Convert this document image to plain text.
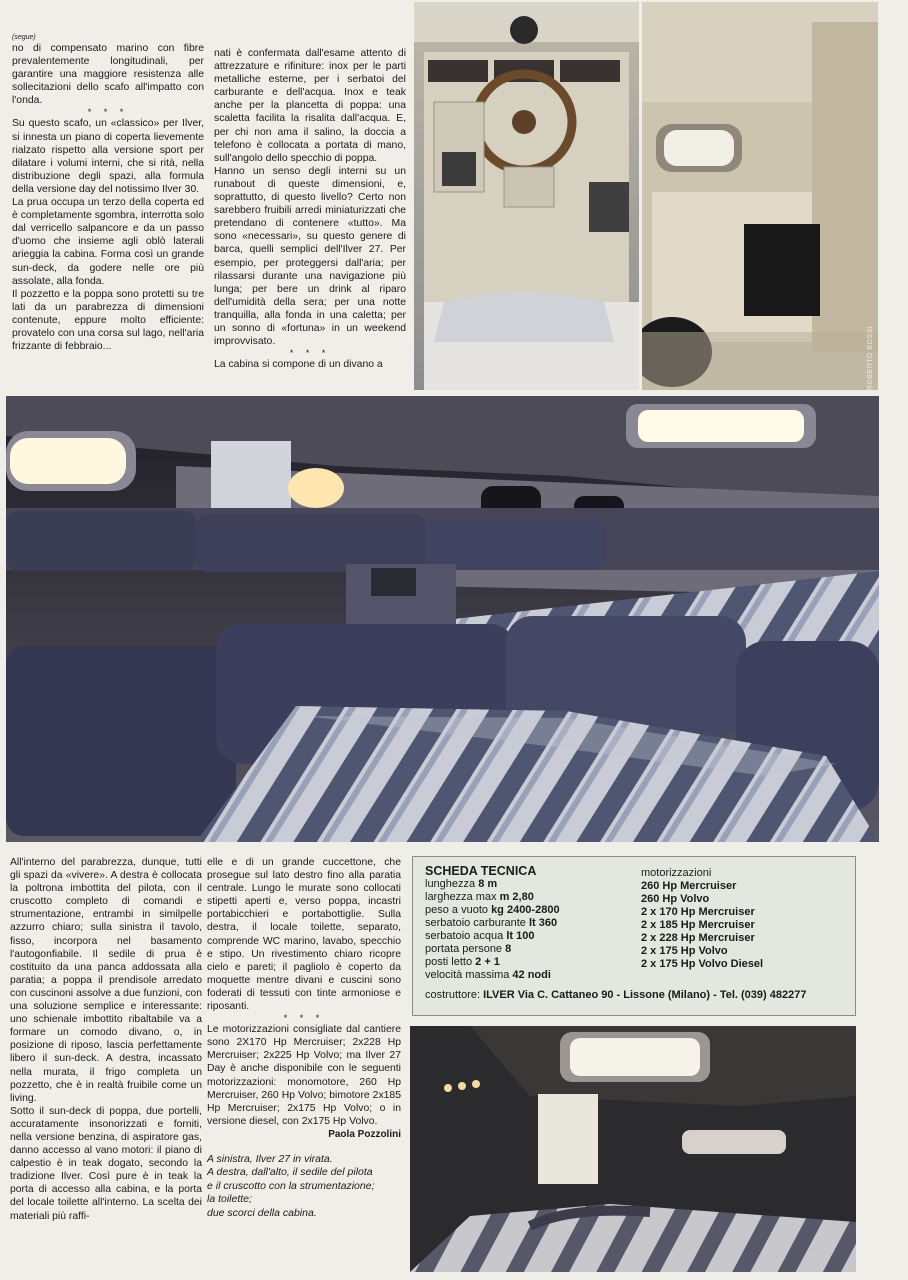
(segue)

no di compensato marino con fibre prevalentemente longitudinali, per garantire una maggiore resistenza alle sollecitazioni dello scafo all'impatto con l'onda.

* * *

Su questo scafo, un «classico» per Ilver, si innesta un piano di coperta lievemente rialzato rispetto alla versione sport per dilatare i volumi interni, che si rità, nella distribuzione degli spazi, alla formula della versione day del notissimo Ilver 30.

La prua occupa un terzo della coperta ed è completamente sgombra, interrotta solo dal verricello salpancore e da un passo d'uomo che insieme agli oblò laterali arieggia la cabina. Forma così un grande sun-deck, da godere nelle ore più assolate, alla fonda.

Il pozzetto e la poppa sono protetti su tre lati da un parabrezza di dimensioni contenute, eppure molto efficiente: provatelo con una corsa sul lago, nell'aria frizzante di febbraio...

nati è confermata dall'esame attento di attrezzature e rifiniture: inox per le parti metalliche esterne, per i serbatoi del carburante e dell'acqua. Inox e teak anche per la plancetta di poppa: una scaletta facilita la risalita dall'acqua. E, per chi non ama il salino, la doccia a telefono è collocata a portata di mano, sull'angolo dello specchio di poppa.

Hanno un senso degli interni su un runabout di queste dimensioni, e, soprattutto, di questo livello? Certo non sarebbero fruibili arredi miniaturizzati che pretendano di contenere «tutto». Ma sono «necessari», su questo genere di barca, quelli semplici dell'Ilver 27. Per esempio, per proteggersi dall'aria; per rilassarsi durante una navigazione più lunga; per bere un drink al riparo dell'umidità della sera; per una notte tranquilla, alla fonda in una caletta; per un sonno di «fortuna» in un weekend improvvisato.

* * *

La cabina si compone di un divano a	ROBERTO BOSSI

All'interno del parabrezza, dunque, tutti gli spazi da «vivere». A destra è collocata la poltrona imbottita del pilota, con il cruscotto completo di comandi e strumentazione, entrambi in similpelle azzurro chiaro; sulla sinistra il tavolo, fisso, incorpora nel basamento l'autogonfiabile. Il sedile di prua è costituito da una panca addossata alla paratia; a poppa il prendisole arredato con cuscinoni assolve a due funzioni, con una soluzione semplice e interessante: uno schienale imbottito ribaltabile va a formare un comodo divano, o, in posizione di riposo, lascia perfettamente libero il sun-deck. A destra, incassato nella murata, il frigo completa un pozzetto, che è in realtà fruibile come un living.

Sotto il sun-deck di poppa, due portelli, accuratamente insonorizzati e forniti, nella versione benzina, di aspiratore gas, danno accesso al vano motori: il piano di calpestio è in teak dogato, secondo la tradizione Ilver. Così pure è in teak la porta di accesso alla cabina, e la porta del locale toilette all'interno. La scelta dei materiali più raffi-

elle e di un grande cuccettone, che prosegue sul lato destro fino alla paratia centrale. Lungo le murate sono collocati stipetti aperti e, verso poppa, incastri portabicchieri e portabottiglie. Sulla destra, il locale toilette, separato, comprende WC marino, lavabo, specchio e stipo. Un rivestimento chiaro ricopre cielo e pareti; il pagliolo è coperto da moquette mentre divani e cuscini sono foderati di tessuti con tinte armoniose e riposanti.

* * *

Le motorizzazioni consigliate dal cantiere sono 2X170 Hp Mercruiser; 2x228 Hp Mercruiser; 2x225 Hp Volvo; ma Ilver 27 Day è anche disponibile con le seguenti motorizzazioni: monomotore, 260 Hp Mercruiser, 260 Hp Volvo; bimotore 2x185 Hp Mercruiser; 2x175 Hp Volvo; o in versione diesel, con 2x175 Hp Volvo.
Paola Pozzolini

A sinistra, Ilver 27 in virata.
A destra, dall'alto, il sedile del pilota
e il cruscotto con la strumentazione;
la toilette;
due scorci della cabina.
SCHEDA TECNICA
lunghezza 8 m
larghezza max m 2,80
peso a vuoto kg 2400-2800
serbatoio carburante lt 360
serbatoio acqua lt 100
portata persone 8
posti letto 2 + 1
velocità massima 42 nodi
motorizzazioni
260 Hp Mercruiser
260 Hp Volvo
2 x 170 Hp Mercruiser
2 x 185 Hp Mercruiser
2 x 228 Hp Mercruiser
2 x 175 Hp Volvo
2 x 175 Hp Volvo Diesel
costruttore: ILVER Via C. Cattaneo 90 - Lissone (Milano) - Tel. (039) 482277
